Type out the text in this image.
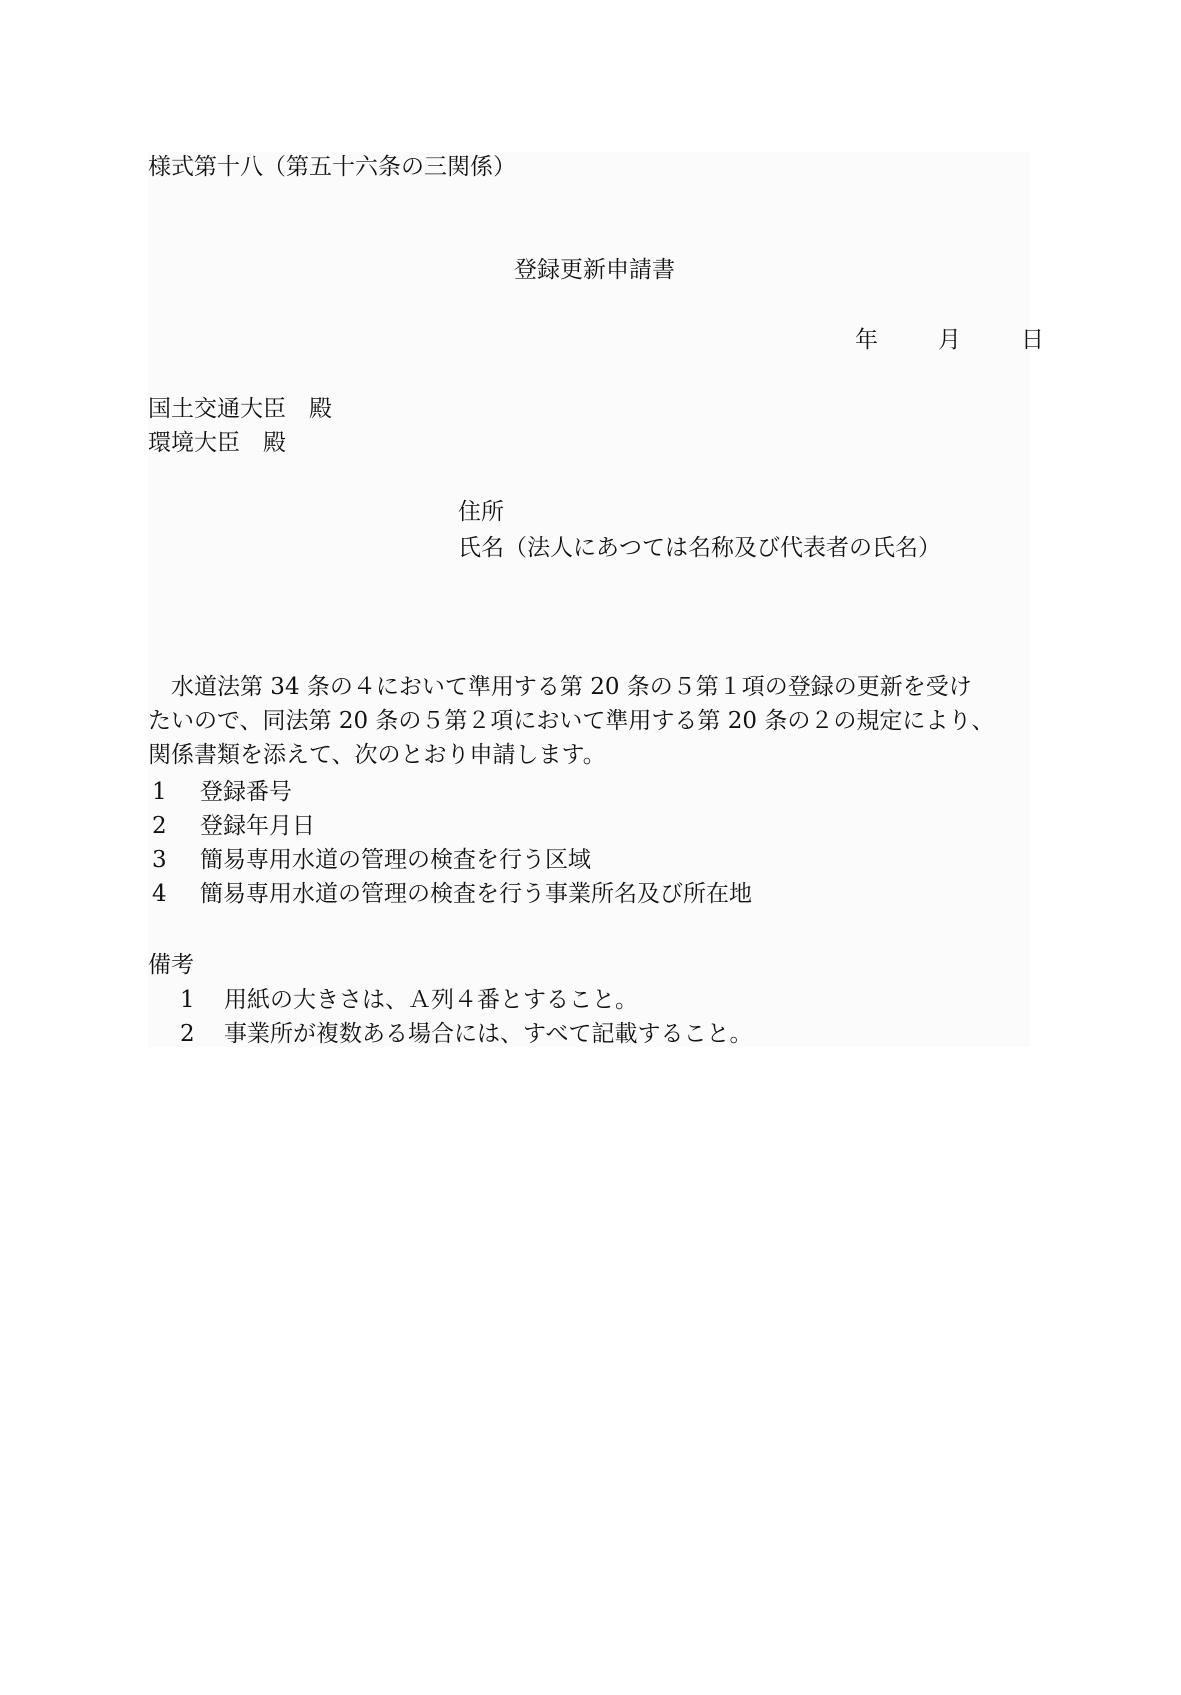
様式第十八（第五十六条の三関係）
登録更新申請書
年	月	日
国土交通大臣　殿
環境大臣　殿
住所
氏名（法人にあつては名称及び代表者の氏名）
　水道法第 34 条の４において準用する第 20 条の５第１項の登録の更新を受け
たいので、同法第 20 条の５第２項において準用する第 20 条の２の規定により、
関係書類を添えて、次のとおり申請します。
1 登録番号
2 登録年月日
3 簡易専用水道の管理の検査を行う区域
4 簡易専用水道の管理の検査を行う事業所名及び所在地
備考
1 用紙の大きさは、Ａ列４番とすること。
2 事業所が複数ある場合には、すべて記載すること。
